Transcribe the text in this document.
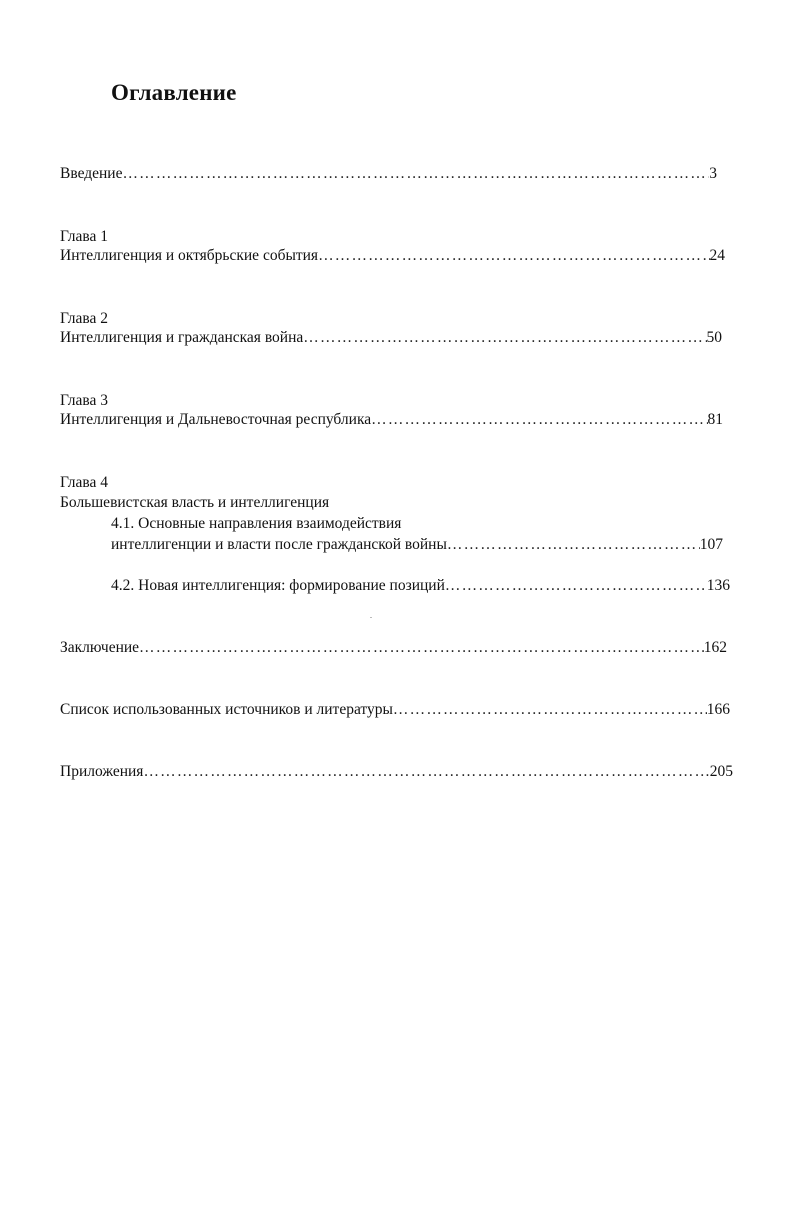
Оглавление
Введение ……………………………………………………………………………………………………………………………………………………………………………………………………	3
Глава 1
Интеллигенция и октябрьские события ……………………………………………………………………………………………………………………………………………………………………………………………………	24
Глава 2
Интеллигенция и гражданская война ……………………………………………………………………………………………………………………………………………………………………………………………………	50
Глава 3
Интеллигенция и Дальневосточная республика ……………………………………………………………………………………………………………………………………………………………………………………………………	81
Глава 4
Большевистская власть и интеллигенция
4.1. Основные направления взаимодействия
интеллигенции и власти после гражданской войны ……………………………………………………………………………………………………………………………………………………………………………………………………	107
4.2. Новая интеллигенция: формирование позиций ……………………………………………………………………………………………………………………………………………………………………………………………………	136
Заключение ……………………………………………………………………………………………………………………………………………………………………………………………………	162
Список использованных источников и литературы ……………………………………………………………………………………………………………………………………………………………………………………………………	166
Приложения ……………………………………………………………………………………………………………………………………………………………………………………………………	205
